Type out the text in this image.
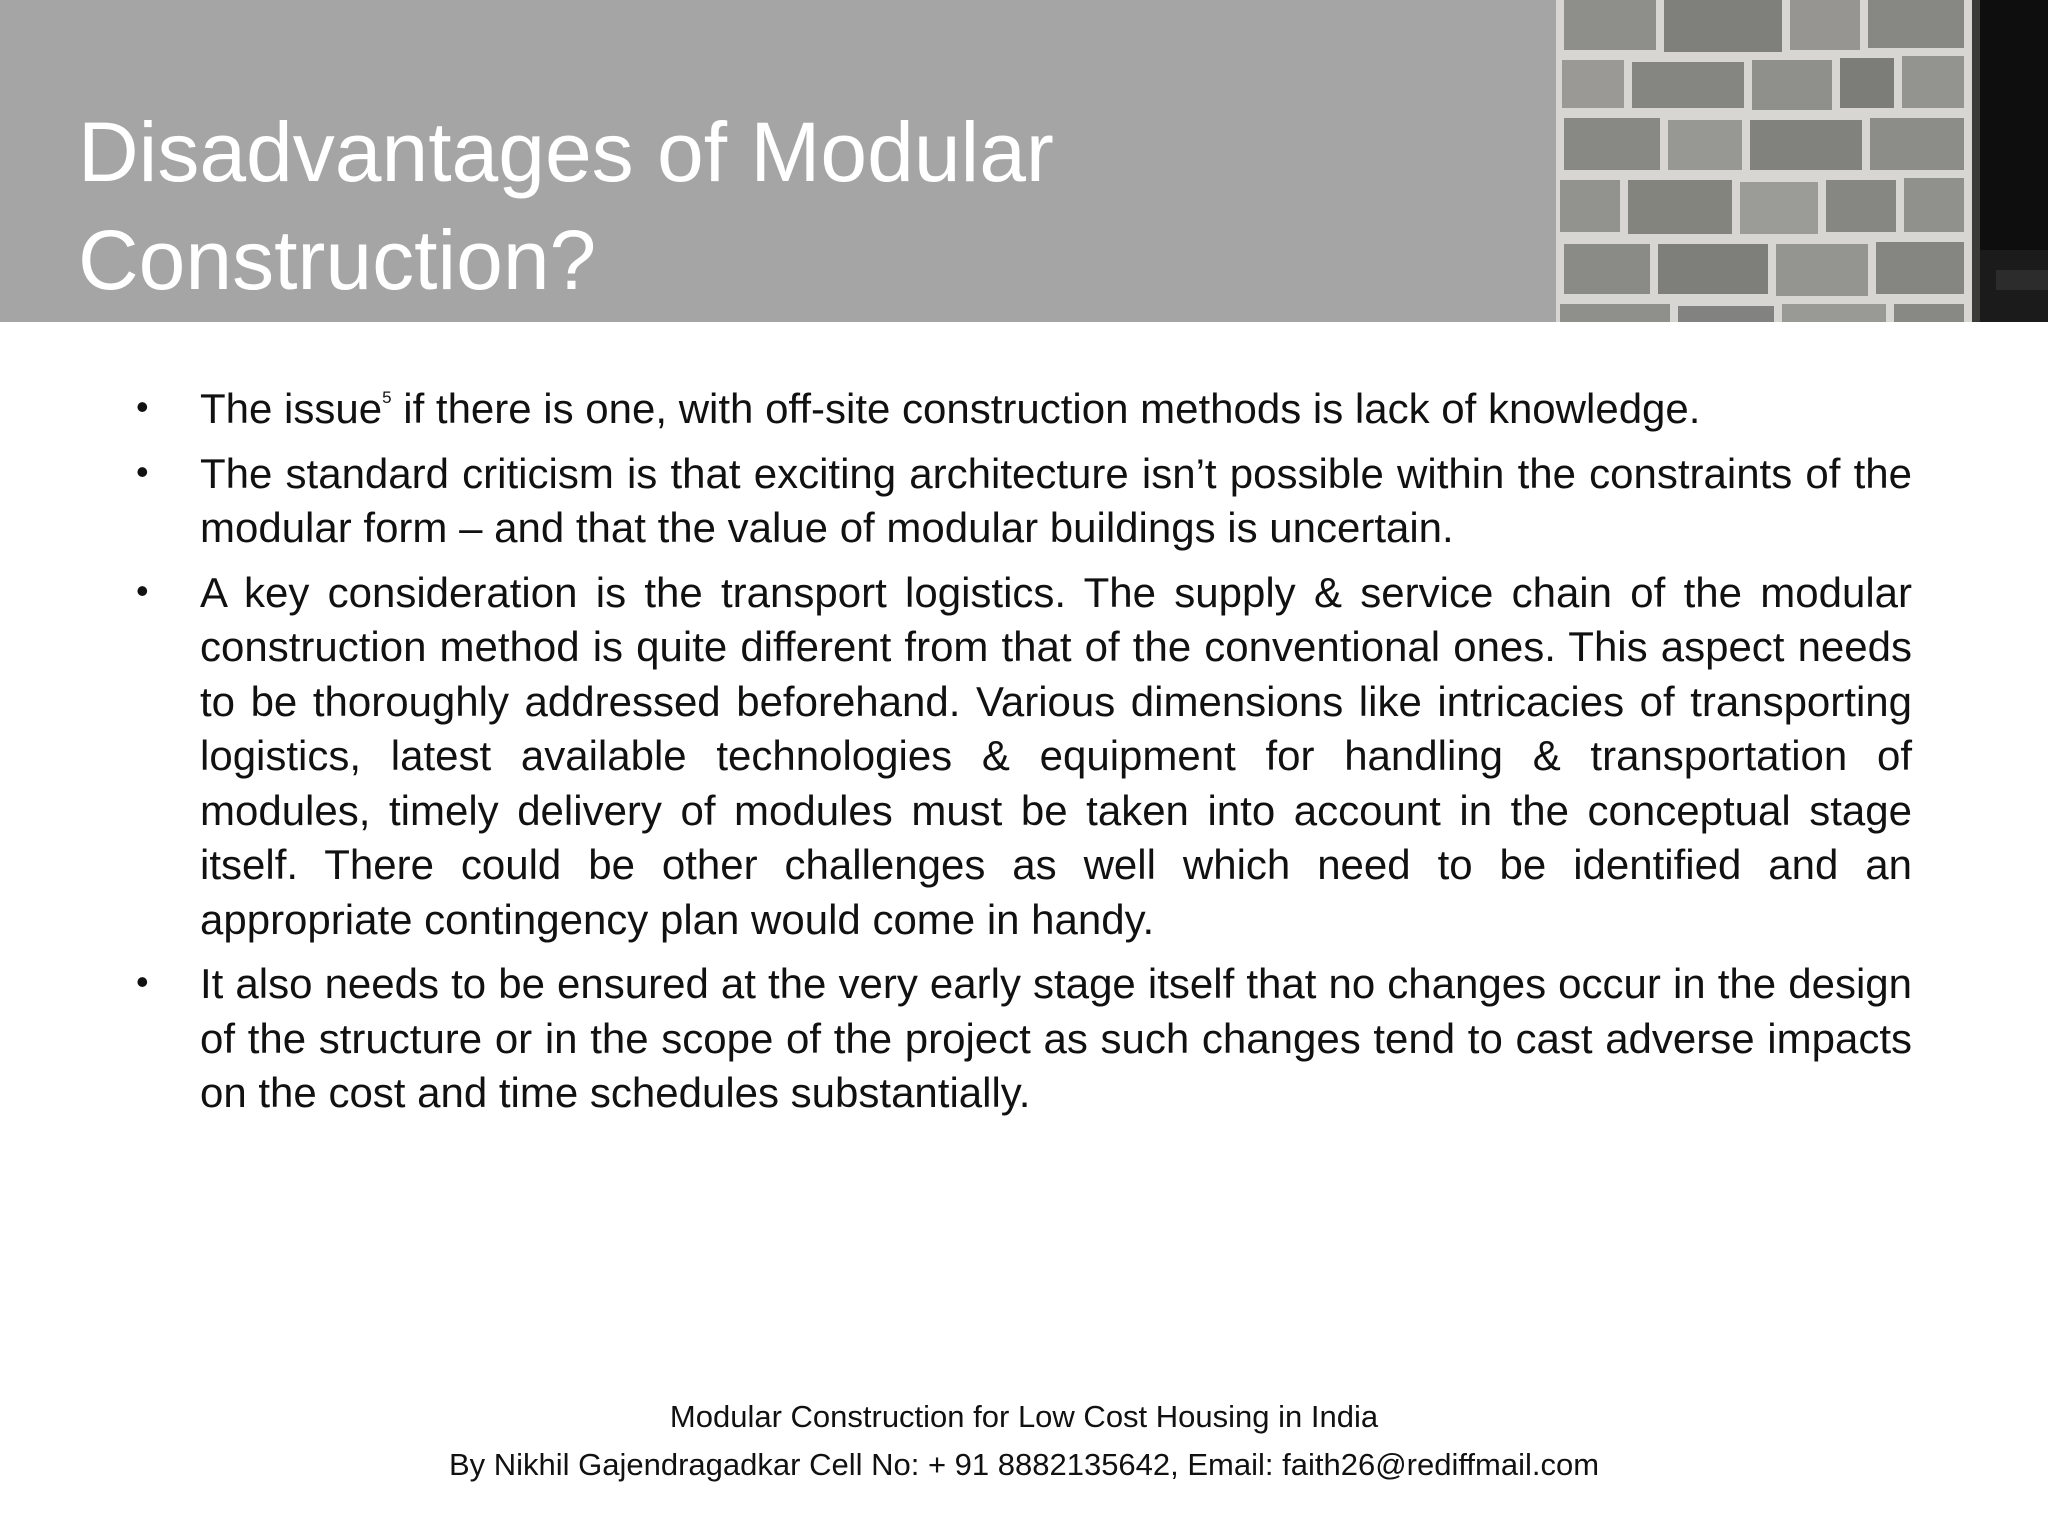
Disadvantages of Modular
Construction?
• The issue$^5$ if there is one, with off-site construction methods is lack of knowledge.
• The standard criticism is that exciting architecture isn’t possible within the constraints of the modular form – and that the value of modular buildings is uncertain.
• A key consideration is the transport logistics. The supply & service chain of the modular construction method is quite different from that of the conventional ones. This aspect needs to be thoroughly addressed beforehand. Various dimensions like intricacies of transporting logistics, latest available technologies & equipment for handling & transportation of modules, timely delivery of modules must be taken into account in the conceptual stage itself. There could be other challenges as well which need to be identified and an appropriate contingency plan would come in handy.
• It also needs to be ensured at the very early stage itself that no changes occur in the design of the structure or in the scope of the project as such changes tend to cast adverse impacts on the cost and time schedules substantially.
Modular Construction for Low Cost Housing in India
By Nikhil Gajendragadkar Cell No: + 91 8882135642, Email: faith26@rediffmail.com
